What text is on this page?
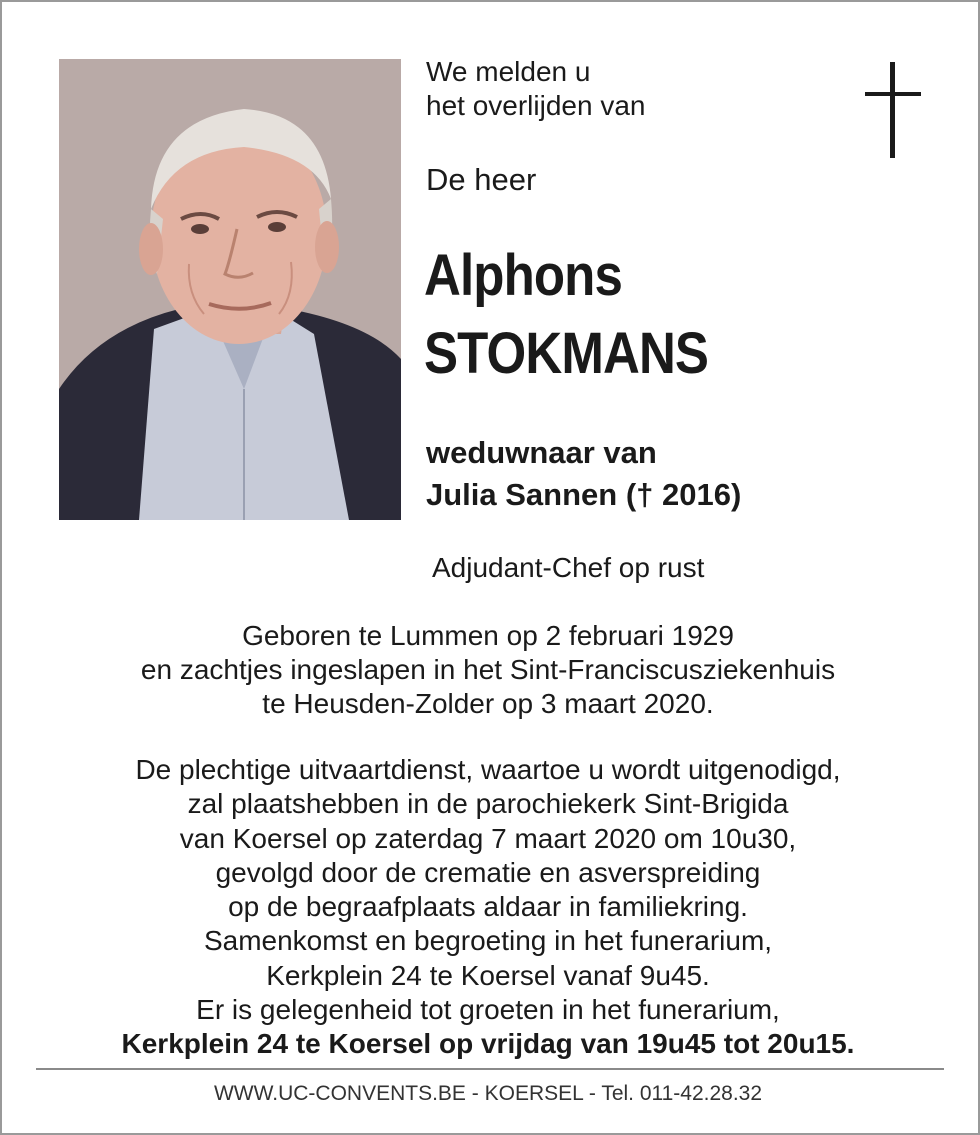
We melden u
het overlijden van
De heer
Alphons
STOKMANS
weduwnaar van
Julia Sannen († 2016)
Adjudant-Chef op rust
Geboren te Lummen op 2 februari 1929
en zachtjes ingeslapen in het Sint-Franciscusziekenhuis
te Heusden-Zolder op 3 maart 2020.
De plechtige uitvaartdienst, waartoe u wordt uitgenodigd,
zal plaatshebben in de parochiekerk Sint-Brigida
van Koersel op zaterdag 7 maart 2020 om 10u30,
gevolgd door de crematie en asverspreiding
op de begraafplaats aldaar in familiekring.
Samenkomst en begroeting in het funerarium,
Kerkplein 24 te Koersel vanaf 9u45.
Er is gelegenheid tot groeten in het funerarium,
Kerkplein 24 te Koersel op vrijdag van 19u45 tot 20u15.
WWW.UC-CONVENTS.BE - KOERSEL - Tel. 011-42.28.32
